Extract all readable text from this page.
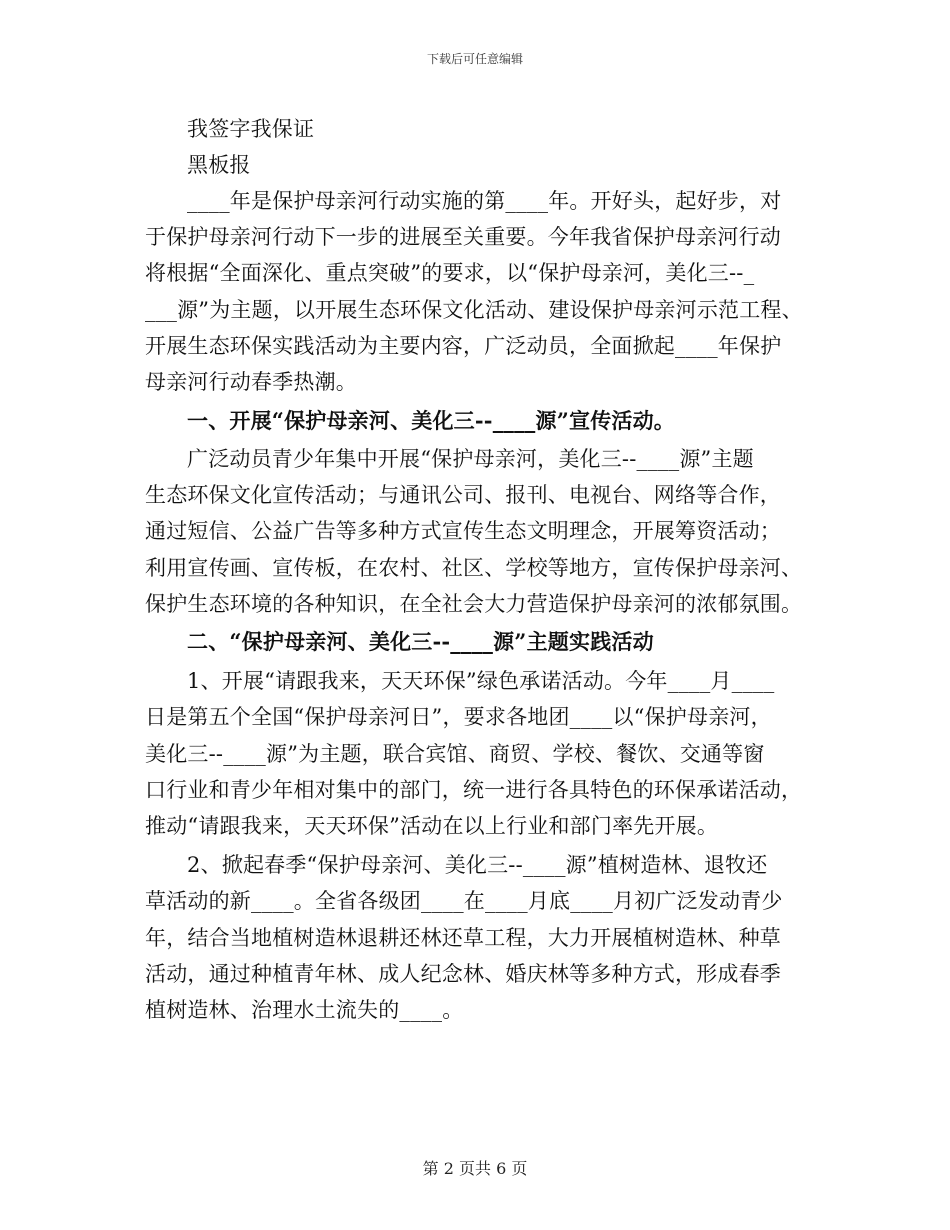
下载后可任意编辑
我签字我保证
黑板报
____年是保护母亲河行动实施的第____年。开好头，起好步，对
于保护母亲河行动下一步的进展至关重要。今年我省保护母亲河行动
将根据“全面深化、重点突破”的要求，以“保护母亲河，美化三--_
___源”为主题，以开展生态环保文化活动、建设保护母亲河示范工程、
开展生态环保实践活动为主要内容，广泛动员，全面掀起____年保护
母亲河行动春季热潮。
一、开展“保护母亲河、美化三--____源”宣传活动。
广泛动员青少年集中开展“保护母亲河，美化三--____源”主题
生态环保文化宣传活动；与通讯公司、报刊、电视台、网络等合作，
通过短信、公益广告等多种方式宣传生态文明理念，开展筹资活动；
利用宣传画、宣传板，在农村、社区、学校等地方，宣传保护母亲河、
保护生态环境的各种知识，在全社会大力营造保护母亲河的浓郁氛围。
二、“保护母亲河、美化三--____源”主题实践活动
1、开展“请跟我来，天天环保”绿色承诺活动。今年____月____
日是第五个全国“保护母亲河日”，要求各地团____以“保护母亲河，
美化三--____源”为主题，联合宾馆、商贸、学校、餐饮、交通等窗
口行业和青少年相对集中的部门，统一进行各具特色的环保承诺活动，
推动“请跟我来，天天环保”活动在以上行业和部门率先开展。
2、掀起春季“保护母亲河、美化三--____源”植树造林、退牧还
草活动的新____。全省各级团____在____月底____月初广泛发动青少
年，结合当地植树造林退耕还林还草工程，大力开展植树造林、种草
活动，通过种植青年林、成人纪念林、婚庆林等多种方式，形成春季
植树造林、治理水土流失的____。
第 2 页共 6 页
